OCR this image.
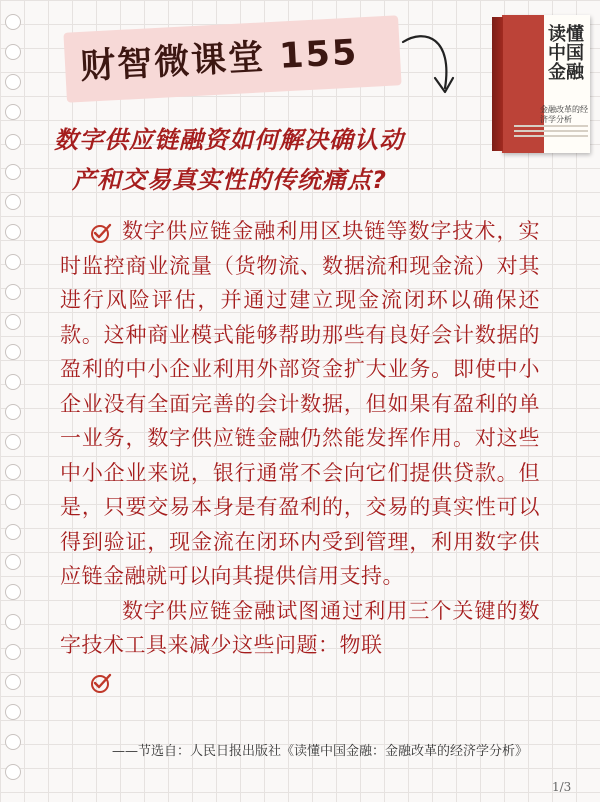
财智微课堂 155
数字供应链融资如何解决确认动
产和交易真实性的传统痛点?
读懂中国金融
金融改革的经济学分析

数字供应链金融利用区块链等数字技术，实时监控商业流量（货物流、数据流和现金流）对其进行风险评估，并通过建立现金流闭环以确保还款。这种商业模式能够帮助那些有良好会计数据的盈利的中小企业利用外部资金扩大业务。即使中小企业没有全面完善的会计数据，但如果有盈利的单一业务，数字供应链金融仍然能发挥作用。对这些中小企业来说，银行通常不会向它们提供贷款。但是，只要交易本身是有盈利的，交易的真实性可以得到验证，现金流在闭环内受到管理，利用数字供应链金融就可以向其提供信用支持。

数字供应链金融试图通过利用三个关键的数字技术工具来减少这些问题：物联

——节选自：人民日报出版社《读懂中国金融：金融改革的经济学分析》
1/3
